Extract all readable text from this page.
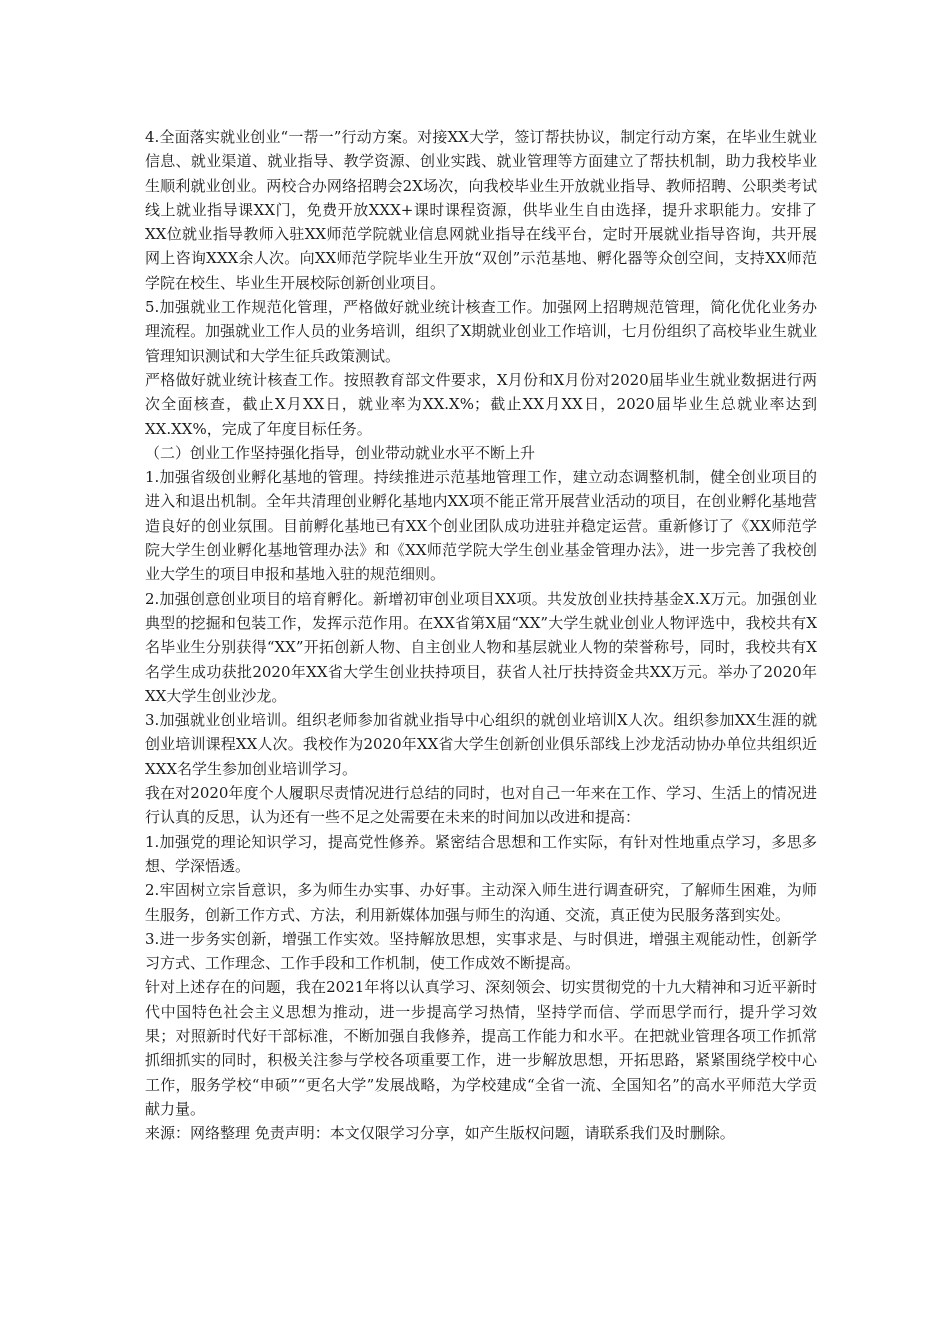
4.全面落实就业创业“一帮一”行动方案。对接XX大学，签订帮扶协议，制定行动方案，在毕业生就业信息、就业渠道、就业指导、教学资源、创业实践、就业管理等方面建立了帮扶机制，助力我校毕业生顺利就业创业。两校合办网络招聘会2X场次，向我校毕业生开放就业指导、教师招聘、公职类考试线上就业指导课XX门，免费开放XXX+课时课程资源，供毕业生自由选择，提升求职能力。安排了XX位就业指导教师入驻XX师范学院就业信息网就业指导在线平台，定时开展就业指导咨询，共开展网上咨询XXX余人次。向XX师范学院毕业生开放“双创”示范基地、孵化器等众创空间，支持XX师范学院在校生、毕业生开展校际创新创业项目。

5.加强就业工作规范化管理，严格做好就业统计核查工作。加强网上招聘规范管理，简化优化业务办理流程。加强就业工作人员的业务培训，组织了X期就业创业工作培训，七月份组织了高校毕业生就业管理知识测试和大学生征兵政策测试。

严格做好就业统计核查工作。按照教育部文件要求，X月份和X月份对2020届毕业生就业数据进行两次全面核查，截止X月XX日，就业率为XX.X%；截止XX月XX日，2020届毕业生总就业率达到XX.XX%，完成了年度目标任务。

（二）创业工作坚持强化指导，创业带动就业水平不断上升

1.加强省级创业孵化基地的管理。持续推进示范基地管理工作，建立动态调整机制，健全创业项目的进入和退出机制。全年共清理创业孵化基地内XX项不能正常开展营业活动的项目，在创业孵化基地营造良好的创业氛围。目前孵化基地已有XX个创业团队成功进驻并稳定运营。重新修订了《XX师范学院大学生创业孵化基地管理办法》和《XX师范学院大学生创业基金管理办法》，进一步完善了我校创业大学生的项目申报和基地入驻的规范细则。

2.加强创意创业项目的培育孵化。新增初审创业项目XX项。共发放创业扶持基金X.X万元。加强创业典型的挖掘和包装工作，发挥示范作用。在XX省第X届“XX”大学生就业创业人物评选中，我校共有X名毕业生分别获得“XX”开拓创新人物、自主创业人物和基层就业人物的荣誉称号，同时，我校共有X名学生成功获批2020年XX省大学生创业扶持项目，获省人社厅扶持资金共XX万元。举办了2020年XX大学生创业沙龙。

3.加强就业创业培训。组织老师参加省就业指导中心组织的就创业培训X人次。组织参加XX生涯的就创业培训课程XX人次。我校作为2020年XX省大学生创新创业俱乐部线上沙龙活动协办单位共组织近XXX名学生参加创业培训学习。

我在对2020年度个人履职尽责情况进行总结的同时，也对自己一年来在工作、学习、生活上的情况进行认真的反思，认为还有一些不足之处需要在未来的时间加以改进和提高：

1.加强党的理论知识学习，提高党性修养。紧密结合思想和工作实际，有针对性地重点学习，多思多想、学深悟透。

2.牢固树立宗旨意识，多为师生办实事、办好事。主动深入师生进行调查研究，了解师生困难，为师生服务，创新工作方式、方法，利用新媒体加强与师生的沟通、交流，真正使为民服务落到实处。

3.进一步务实创新，增强工作实效。坚持解放思想，实事求是、与时俱进，增强主观能动性，创新学习方式、工作理念、工作手段和工作机制，使工作成效不断提高。

针对上述存在的问题，我在2021年将以认真学习、深刻领会、切实贯彻党的十九大精神和习近平新时代中国特色社会主义思想为推动，进一步提高学习热情，坚持学而信、学而思学而行，提升学习效果；对照新时代好干部标准，不断加强自我修养，提高工作能力和水平。在把就业管理各项工作抓常抓细抓实的同时，积极关注参与学校各项重要工作，进一步解放思想，开拓思路，紧紧围绕学校中心工作，服务学校“申硕”“更名大学”发展战略，为学校建成“全省一流、全国知名”的高水平师范大学贡献力量。

来源：网络整理 免责声明：本文仅限学习分享，如产生版权问题，请联系我们及时删除。
